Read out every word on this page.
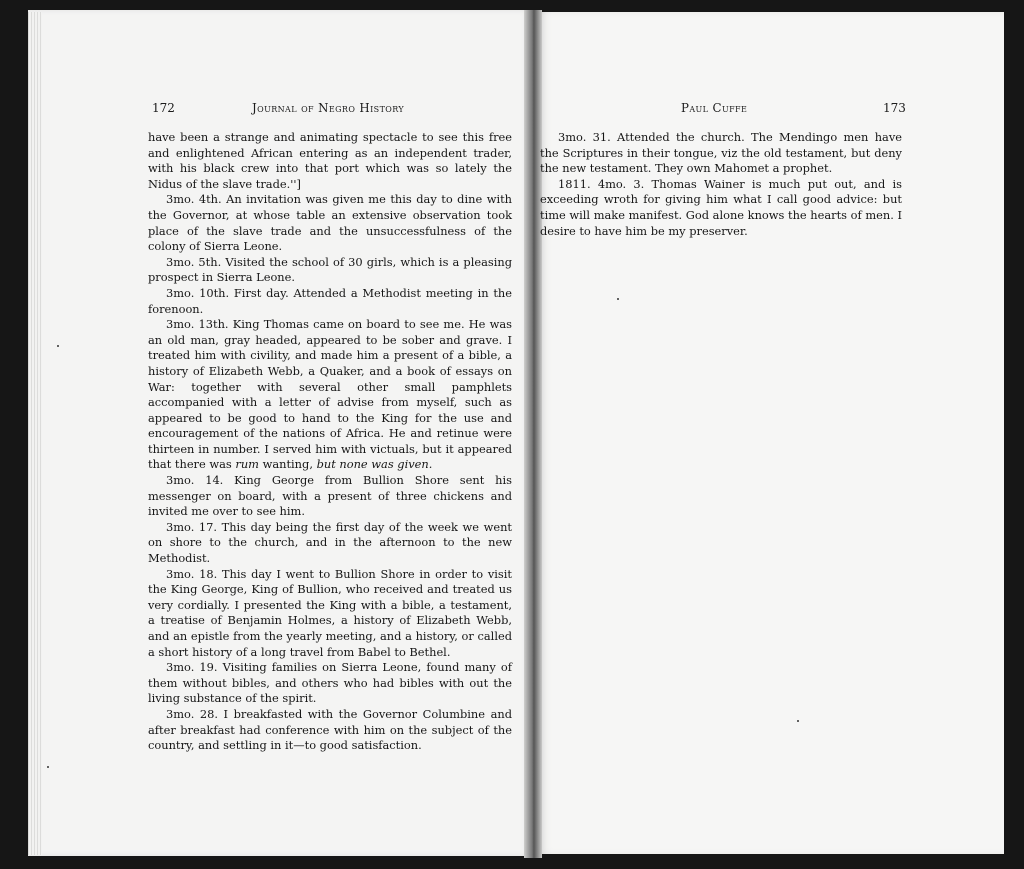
172	Journal of Negro History

have been a strange and animating spectacle to see this free and enlightened African entering as an independent trader, with his black crew into that port which was so lately the Nidus of the slave trade.'']

3mo. 4th. An invitation was given me this day to dine with the Governor, at whose table an extensive observation took place of the slave trade and the unsuccessfulness of the colony of Sierra Leone.

3mo. 5th. Visited the school of 30 girls, which is a pleasing prospect in Sierra Leone.

3mo. 10th. First day. Attended a Methodist meeting in the forenoon.

3mo. 13th. King Thomas came on board to see me. He was an old man, gray headed, appeared to be sober and grave. I treated him with civility, and made him a present of a bible, a history of Elizabeth Webb, a Quaker, and a book of essays on War: together with several other small pamphlets accompanied with a letter of advise from myself, such as appeared to be good to hand to the King for the use and encouragement of the nations of Africa. He and retinue were thirteen in number. I served him with victuals, but it appeared that there was rum wanting, but none was given.

3mo. 14. King George from Bullion Shore sent his messenger on board, with a present of three chickens and invited me over to see him.

3mo. 17. This day being the first day of the week we went on shore to the church, and in the afternoon to the new Methodist.

3mo. 18. This day I went to Bullion Shore in order to visit the King George, King of Bullion, who received and treated us very cordially. I presented the King with a bible, a testament, a treatise of Benjamin Holmes, a history of Elizabeth Webb, and an epistle from the yearly meeting, and a history, or called a short history of a long travel from Babel to Bethel.

3mo. 19. Visiting families on Sierra Leone, found many of them without bibles, and others who had bibles with out the living substance of the spirit.

3mo. 28. I breakfasted with the Governor Columbine and after breakfast had conference with him on the subject of the country, and settling in it—to good satisfaction.

Paul Cuffe	173

3mo. 31. Attended the church. The Mendingo men have the Scriptures in their tongue, viz the old testament, but deny the new testament. They own Mahomet a prophet.

1811. 4mo. 3. Thomas Wainer is much put out, and is exceeding wroth for giving him what I call good advice: but time will make manifest. God alone knows the hearts of men. I desire to have him be my preserver.
